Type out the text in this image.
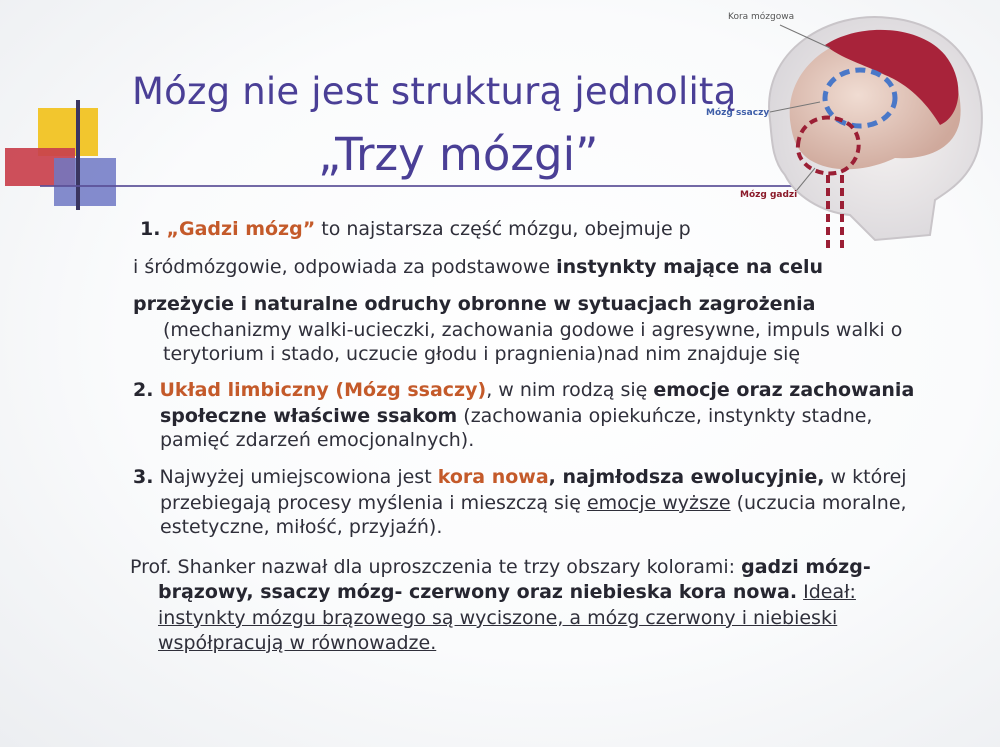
Mózg nie jest strukturą jednolitą
„Trzy mózgi”
Kora mózgowa
Mózg ssaczy
Mózg gadzi
1. „Gadzi mózg” to najstarsza część mózgu, obejmuje p
i śródmózgowie, odpowiada za podstawowe instynkty mające na celu
przeżycie i naturalne odruchy obronne w sytuacjach zagrożenia
(mechanizmy walki-ucieczki, zachowania godowe i agresywne, impuls walki o
terytorium i stado, uczucie głodu i pragnienia)nad nim znajduje się
2. Układ limbiczny (Mózg ssaczy), w nim rodzą się emocje oraz zachowania
społeczne właściwe ssakom (zachowania opiekuńcze, instynkty stadne,
pamięć zdarzeń emocjonalnych).
3. Najwyżej umiejscowiona jest kora nowa, najmłodsza ewolucyjnie, w której
przebiegają procesy myślenia i mieszczą się emocje wyższe (uczucia moralne,
estetyczne, miłość, przyjaźń).
Prof. Shanker nazwał dla uproszczenia te trzy obszary kolorami: gadzi mózg-
brązowy, ssaczy mózg- czerwony oraz niebieska kora nowa. Ideał:
instynkty mózgu brązowego są wyciszone, a mózg czerwony i niebieski
współpracują w równowadze.
